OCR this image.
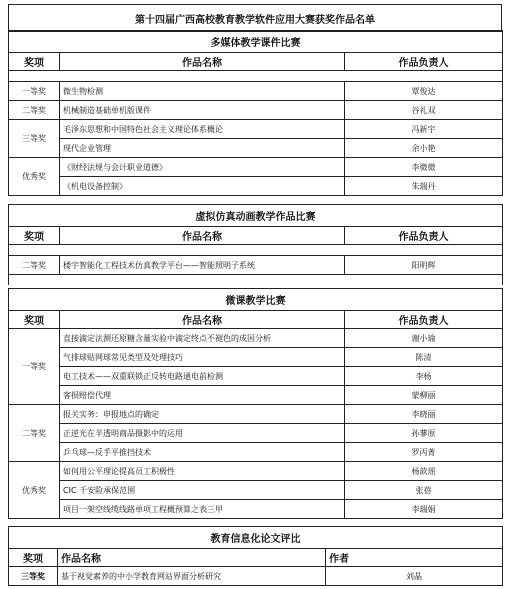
第十四届广西高校教育教学软件应用大赛获奖作品名单
多媒体教学课件比赛		
奖项	作品名称	作品负责人

一等奖	微生物检测	覃俊达
二等奖	机械制造基础单机版课件	谷礼双
三等奖	毛泽东思想和中国特色社会主义理论体系概论	冯新宇
	现代企业管理	余小艳
优秀奖	《财经法规与会计职业道德》	李微微
	《机电设备控制》	朱瑞丹
虚拟仿真动画教学作品比赛		
奖项	作品名称	作品负责人

二等奖	楼宇智能化工程技术仿真教学平台——智能照明子系统	阳明辉

微课教学比赛		
奖项	作品名称	作品负责人
一等奖	直接滴定法测还原糖含量实验中滴定终点不褪色的成因分析	谢小瑜
	气排球贴网球常见类型及处理技巧	陈清
	电工技术——双重联锁正反转电路通电前检测	李杨
	客损赔偿代理	蒙柳丽
二等奖	报关实务：申报地点的确定	李晓丽
	正逆光在半透明商品摄影中的运用	孙蓼原
	乒乓球—反手平推挡技术	罗丙菁
优秀奖	如何用公平理论提高员工积极性	杨歆瑶
	CIC 千安险承保范围	张蓓
	项目一架空线缆线路单项工程概预算之表三甲	李瑞娟
教育信息化论文评比		
奖项	作品名称	作者
三等奖	基于视觉素养的中小学教育网站界面分析研究	刘晶
